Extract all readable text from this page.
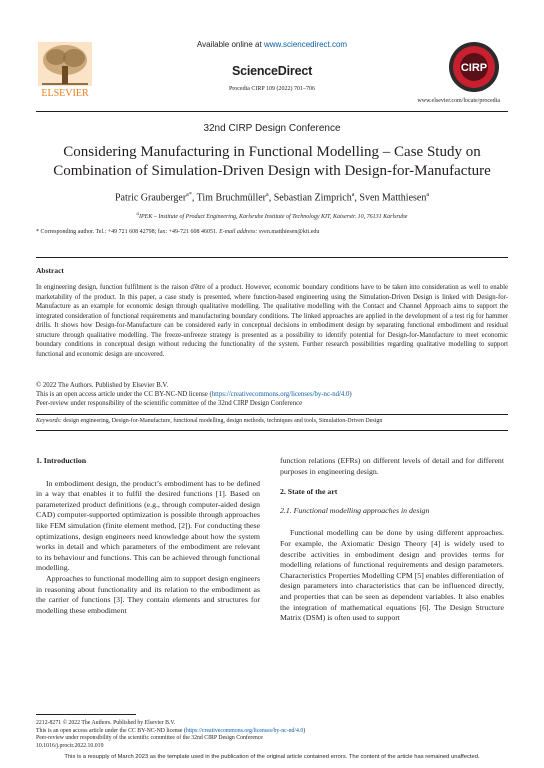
ELSEVIER
CIRP
Available online at www.sciencedirect.com
ScienceDirect
Procedia CIRP 109 (2022) 701–706
www.elsevier.com/locate/procedia
32nd CIRP Design Conference
Considering Manufacturing in Functional Modelling – Case Study on
Combination of Simulation-Driven Design with Design-for-Manufacture
Patric Grauberger$^{a*}$, Tim Bruchmüller$^a$, Sebastian Zimprich$^a$, Sven Matthiesen$^a$
$^a$IPEK – Institute of Product Engineering, Karlsruhe Institute of Technology KIT, Kaiserstr. 10, 76131 Karlsruhe
* Corresponding author. Tel.: +49 721 608 42798; fax: +49-721 608 46051. E-mail address: sven.matthiesen@kit.edu
Abstract
In engineering design, function fulfilment is the raison d'être of a product. However, economic boundary conditions have to be taken into consideration as well to enable marketability of the product. In this paper, a case study is presented, where function-based engineering using the Simulation-Driven Design is linked with Design-for-Manufacture as an example for economic design through qualitative modelling. The qualitative modelling with the Contact and Channel Approach aims to support the integrated consideration of functional requirements and manufacturing boundary conditions. The linked approaches are applied in the development of a test rig for hammer drills. It shows how Design-for-Manufacture can be considered early in conceptual decisions in embodiment design by separating functional embodiment and residual structure through qualitative modelling. The freeze-unfreeze strategy is presented as a possibility to identify potential for Design-for-Manufacture to meet economic boundary conditions in conceptual design without reducing the functionality of the system. Further research possibilities regarding qualitative modelling to support functional and economic design are uncovered.
© 2022 The Authors. Published by Elsevier B.V.
This is an open access article under the CC BY-NC-ND license (https://creativecommons.org/licenses/by-nc-nd/4.0)
Peer-review under responsibility of the scientific committee of the 32nd CIRP Design Conference
Keywords: design engineering, Design-for-Manufacture, functional modelling, design methods, techniques and tools, Simulation-Driven Design

1. Introduction

In embodiment design, the product’s embodiment has to be defined in a way that enables it to fulfil the desired functions [1]. Based on parameterized product definitions (e.g., through computer-aided design CAD) computer-supported optimization is possible through approaches like FEM simulation (finite element method, [2]). For conducting these optimizations, design engineers need knowledge about how the system works in detail and which parameters of the embodiment are relevant to its behaviour and functions. This can be achieved through functional modelling.

Approaches to functional modelling aim to support design engineers in reasoning about functionality and its relation to the embodiment as the carrier of functions [3]. They contain elements and structures for modelling these embodiment

function relations (EFRs) on different levels of detail and for different purposes in engineering design.

2. State of the art

2.1. Functional modelling approaches in design

Functional modelling can be done by using different approaches. For example, the Axiomatic Design Theory [4] is widely used to describe activities in embodiment design and provides terms for modelling relations of functional requirements and design parameters. Characteristics Properties Modelling CPM [5] enables differentiation of design parameters into characteristics that can be influenced directly, and properties that can be seen as dependent variables. It also enables the integration of mathematical equations [6]. The Design Structure Matrix (DSM) is often used to support

2212-8271 © 2022 The Authors. Published by Elsevier B.V.
This is an open access article under the CC BY-NC-ND license (https://creativecommons.org/licenses/by-nc-nd/4.0)
Peer-review under responsibility of the scientific committee of the 32nd CIRP Design Conference
10.1016/j.procir.2022.10.019
This is a resupply of March 2023 as the template used in the publication of the original article contained errors. The content of the article has remained unaffected.
